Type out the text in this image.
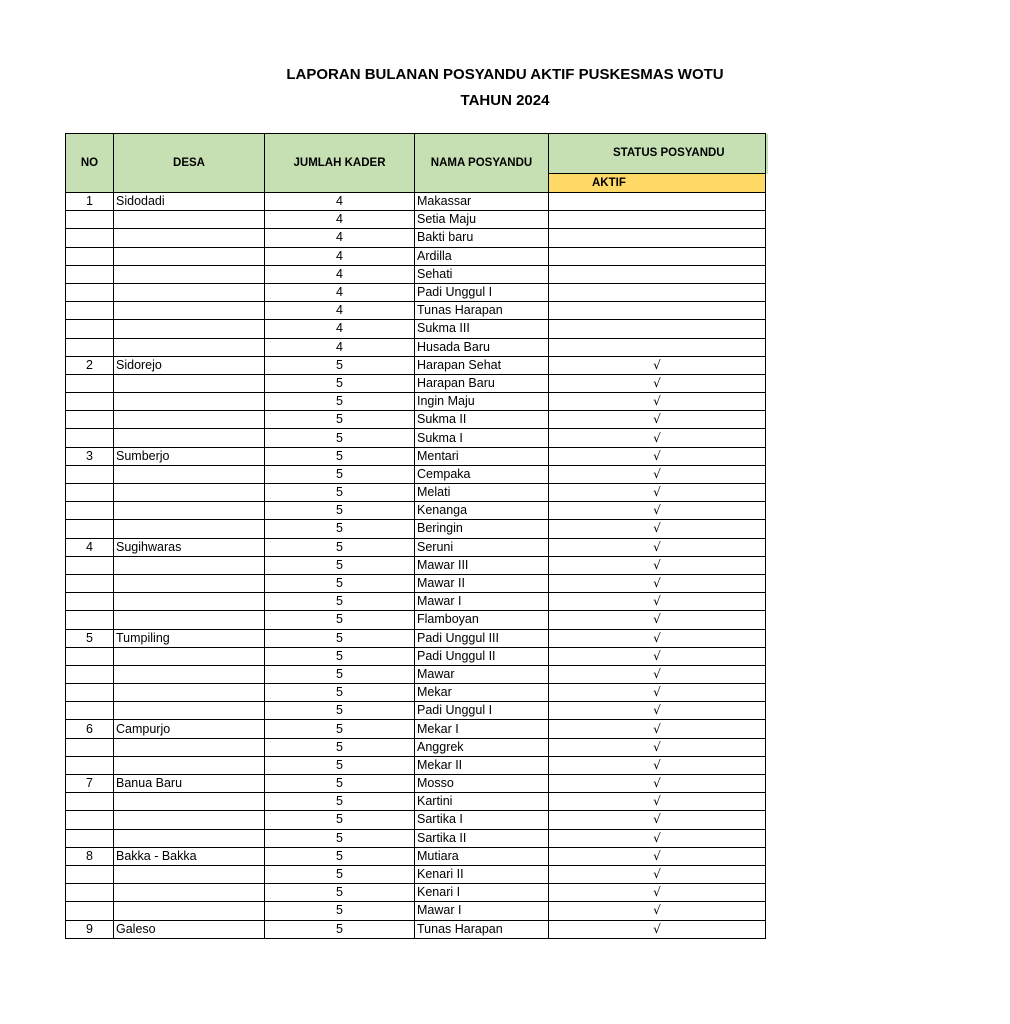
LAPORAN BULANAN POSYANDU AKTIF PUSKESMAS WOTU
TAHUN 2024
NO	DESA	JUMLAH KADER	NAMA POSYANDU	STATUS POSYANDU
				AKTIF
1	Sidodadi	4	Makassar	
		4	Setia Maju	
		4	Bakti baru	
		4	Ardilla	
		4	Sehati	
		4	Padi Unggul I	
		4	Tunas Harapan	
		4	Sukma III	
		4	Husada Baru	
2	Sidorejo	5	Harapan Sehat	√
		5	Harapan Baru	√
		5	Ingin Maju	√
		5	Sukma II	√
		5	Sukma I	√
3	Sumberjo	5	Mentari	√
		5	Cempaka	√
		5	Melati	√
		5	Kenanga	√
		5	Beringin	√
4	Sugihwaras	5	Seruni	√
		5	Mawar III	√
		5	Mawar II	√
		5	Mawar I	√
		5	Flamboyan	√
5	Tumpiling	5	Padi Unggul III	√
		5	Padi Unggul II	√
		5	Mawar	√
		5	Mekar	√
		5	Padi Unggul I	√
6	Campurjo	5	Mekar I	√
		5	Anggrek	√
		5	Mekar II	√
7	Banua Baru	5	Mosso	√
		5	Kartini	√
		5	Sartika I	√
		5	Sartika II	√
8	Bakka - Bakka	5	Mutiara	√
		5	Kenari II	√
		5	Kenari I	√
		5	Mawar I	√
9	Galeso	5	Tunas Harapan	√
